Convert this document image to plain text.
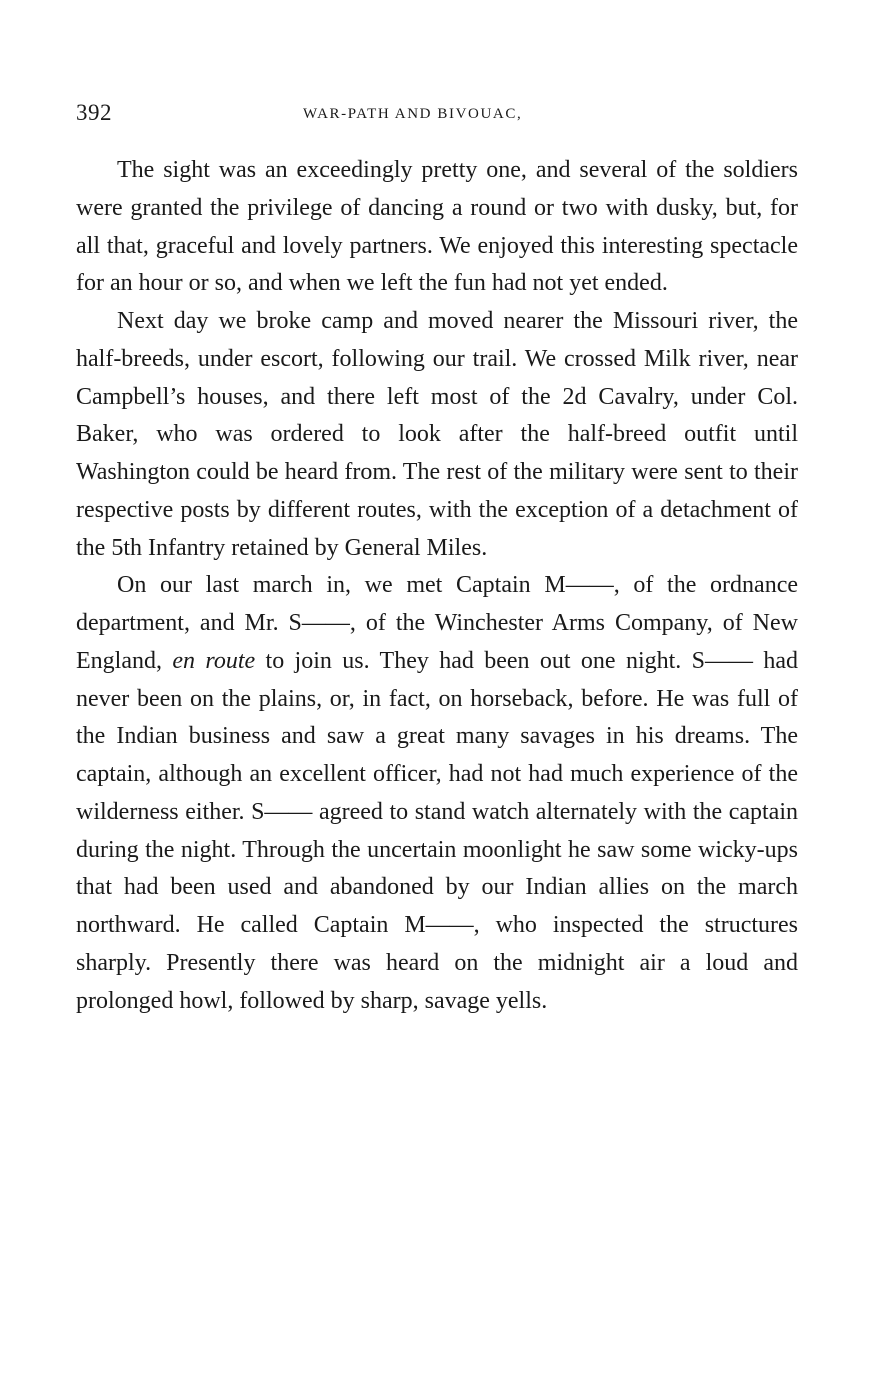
392	WAR-PATH AND BIVOUAC,

The sight was an exceedingly pretty one, and several of the soldiers were granted the privilege of dancing a round or two with dusky, but, for all that, graceful and lovely partners. We enjoyed this interesting spectacle for an hour or so, and when we left the fun had not yet ended.

Next day we broke camp and moved nearer the Missouri river, the half-breeds, under escort, following our trail. We crossed Milk river, near Campbell’s houses, and there left most of the 2d Cavalry, under Col. Baker, who was ordered to look after the half-breed outfit until Washington could be heard from. The rest of the military were sent to their respective posts by different routes, with the exception of a detachment of the 5th Infantry retained by General Miles.

On our last march in, we met Captain M——, of the ordnance department, and Mr. S——, of the Winchester Arms Company, of New England, en route to join us. They had been out one night. S—— had never been on the plains, or, in fact, on horseback, before. He was full of the Indian business and saw a great many savages in his dreams. The captain, although an excellent officer, had not had much experience of the wilderness either. S—— agreed to stand watch alternately with the captain during the night. Through the uncertain moonlight he saw some wicky-ups that had been used and abandoned by our Indian allies on the march northward. He called Captain M——, who inspected the structures sharply. Presently there was heard on the midnight air a loud and prolonged howl, followed by sharp, savage yells.
